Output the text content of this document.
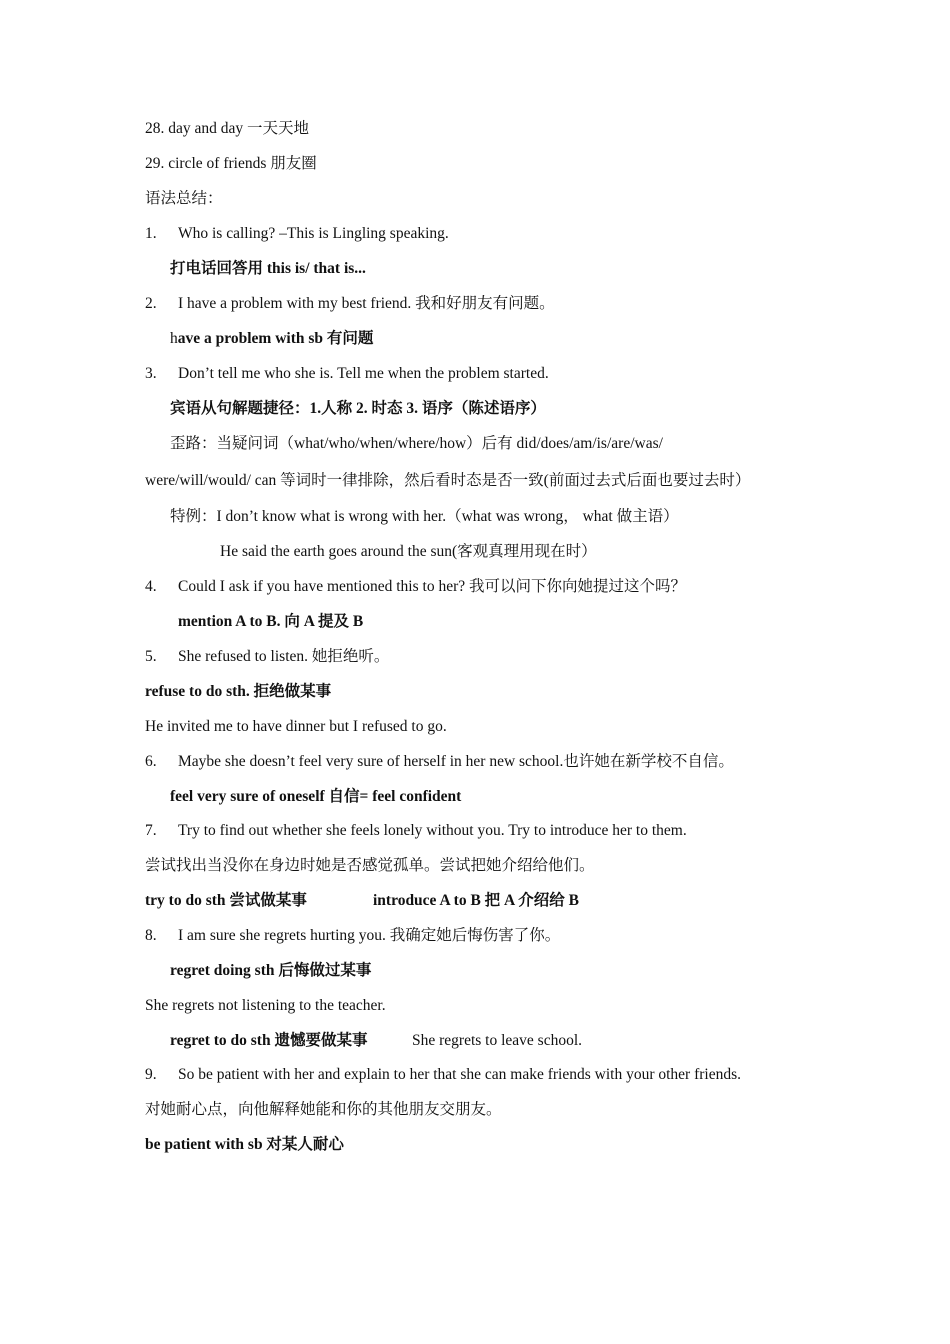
28. day and day 一天天地
29. circle of friends 朋友圈
语法总结：
1. Who is calling? –This is Lingling speaking.
打电话回答用 this is/ that is...
2. I have a problem with my best friend. 我和好朋友有问题。
have a problem with sb 有问题
3. Don’t tell me who she is. Tell me when the problem started.
宾语从句解题捷径：1.人称 2. 时态 3. 语序（陈述语序）
歪路：当疑问词（what/who/when/where/how）后有 did/does/am/is/are/was/
were/will/would/ can 等词时一律排除，然后看时态是否一致(前面过去式后面也要过去时）
特例：I don’t know what is wrong with her.（what was wrong， what 做主语）
He said the earth goes around the sun(客观真理用现在时）
4. Could I ask if you have mentioned this to her? 我可以问下你向她提过这个吗？
mention A to B. 向 A 提及 B
5. She refused to listen. 她拒绝听。
refuse to do sth. 拒绝做某事
He invited me to have dinner but I refused to go.
6. Maybe she doesn’t feel very sure of herself in her new school.也许她在新学校不自信。
feel very sure of oneself 自信= feel confident
7. Try to find out whether she feels lonely without you. Try to introduce her to them.
尝试找出当没你在身边时她是否感觉孤单。尝试把她介绍给他们。
try to do sth 尝试做某事	introduce A to B 把 A 介绍给 B
8. I am sure she regrets hurting you. 我确定她后悔伤害了你。
regret doing sth 后悔做过某事
She regrets not listening to the teacher.
regret to do sth 遗憾要做某事	She regrets to leave school.
9. So be patient with her and explain to her that she can make friends with your other friends.
对她耐心点，向他解释她能和你的其他朋友交朋友。
be patient with sb 对某人耐心
